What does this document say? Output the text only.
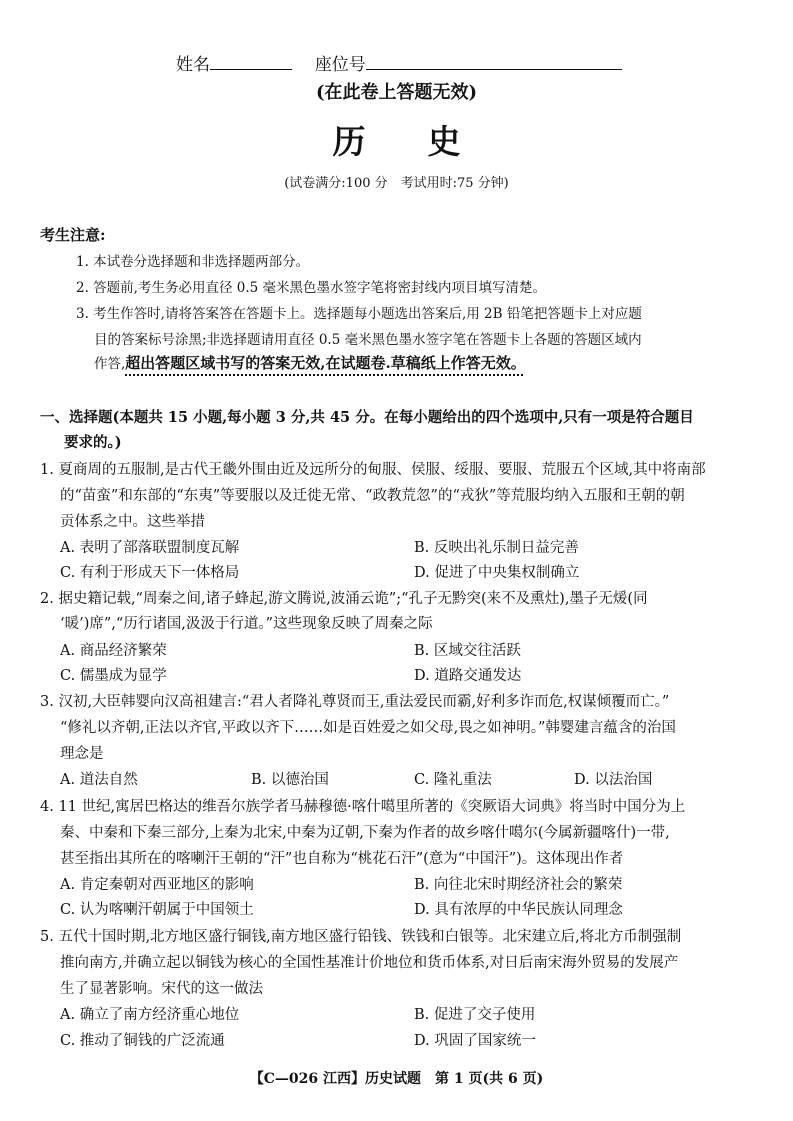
姓名	座位号
(在此卷上答题无效)
历史
(试卷满分:100 分　考试用时:75 分钟)
考生注意:
1. 本试卷分选择题和非选择题两部分。
2. 答题前,考生务必用直径 0.5 毫米黑色墨水签字笔将密封线内项目填写清楚。
3. 考生作答时,请将答案答在答题卡上。选择题每小题选出答案后,用 2B 铅笔把答题卡上对应题
目的答案标号涂黑;非选择题请用直径 0.5 毫米黑色墨水签字笔在答题卡上各题的答题区域内
作答,超出答题区域书写的答案无效,在试题卷.草稿纸上作答无效。
一、选择题(本题共 15 小题,每小题 3 分,共 45 分。在每小题给出的四个选项中,只有一项是符合题目
要求的。)
1. 夏商周的五服制,是古代王畿外围由近及远所分的甸服、侯服、绥服、要服、荒服五个区域,其中将南部
的“苗蛮”和东部的“东夷”等要服以及迁徙无常、“政教荒忽”的“戎狄”等荒服均纳入五服和王朝的朝
贡体系之中。这些举措
A. 表明了部落联盟制度瓦解	B. 反映出礼乐制日益完善
C. 有利于形成天下一体格局	D. 促进了中央集权制确立
2. 据史籍记载,“周秦之间,诸子蜂起,游文腾说,波涌云诡”;“孔子无黔突(来不及熏灶),墨子无煖(同
‘暖’)席”,“历行诸国,汲汲于行道。”这些现象反映了周秦之际
A. 商品经济繁荣	B. 区域交往活跃
C. 儒墨成为显学	D. 道路交通发达
3. 汉初,大臣韩婴向汉高祖建言:“君人者降礼尊贤而王,重法爱民而霸,好利多诈而危,权谋倾覆而亡。”
“修礼以齐朝,正法以齐官,平政以齐下……如是百姓爱之如父母,畏之如神明。”韩婴建言蕴含的治国
理念是
A. 道法自然	B. 以德治国	C. 隆礼重法	D. 以法治国
4. 11 世纪,寓居巴格达的维吾尔族学者马赫穆德·喀什噶里所著的《突厥语大词典》将当时中国分为上
秦、中秦和下秦三部分,上秦为北宋,中秦为辽朝,下秦为作者的故乡喀什噶尔(今属新疆喀什)一带,
甚至指出其所在的喀喇汗王朝的“汗”也自称为“桃花石汗”(意为“中国汗”)。这体现出作者
A. 肯定秦朝对西亚地区的影响	B. 向往北宋时期经济社会的繁荣
C. 认为喀喇汗朝属于中国领土	D. 具有浓厚的中华民族认同理念
5. 五代十国时期,北方地区盛行铜钱,南方地区盛行铅钱、铁钱和白银等。北宋建立后,将北方币制强制
推向南方,并确立起以铜钱为核心的全国性基准计价地位和货币体系,对日后南宋海外贸易的发展产
生了显著影响。宋代的这一做法
A. 确立了南方经济重心地位	B. 促进了交子使用
C. 推动了铜钱的广泛流通	D. 巩固了国家统一
【C—026 江西】历史试题　第 1 页(共 6 页)
